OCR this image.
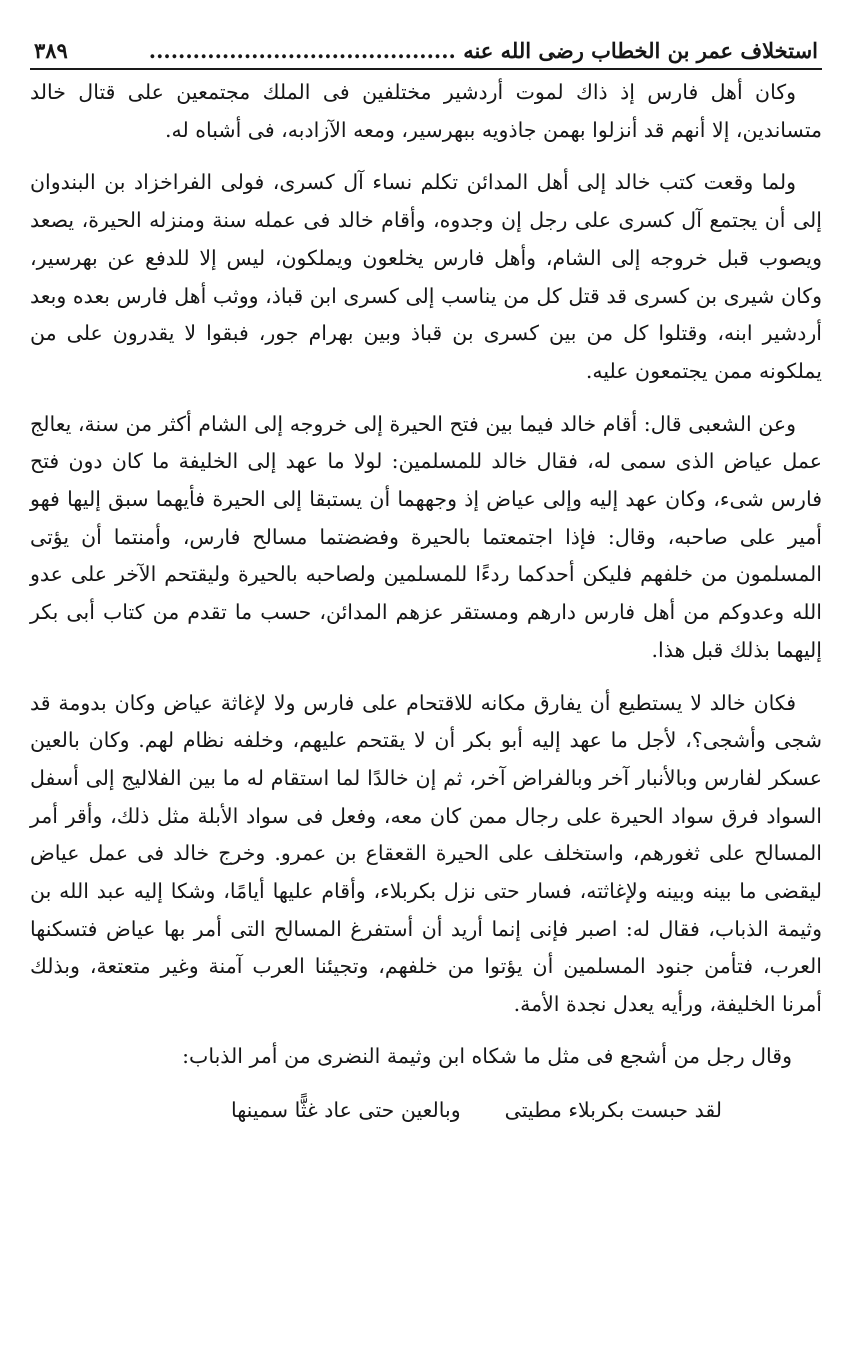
استخلاف عمر بن الخطاب رضى الله عنه ..........................................
٣٨٩

وكان أهل فارس إذ ذاك لموت أردشير مختلفين فى الملك مجتمعين على قتال خالد متساندين، إلا أنهم قد أنزلوا بهمن جاذويه ببهرسير، ومعه الآزادبه، فى أشباه له.

ولما وقعت كتب خالد إلى أهل المدائن تكلم نساء آل كسرى، فولى الفراخزاد بن البندوان إلى أن يجتمع آل كسرى على رجل إن وجدوه، وأقام خالد فى عمله سنة ومنزله الحيرة، يصعد ويصوب قبل خروجه إلى الشام، وأهل فارس يخلعون ويملكون، ليس إلا للدفع عن بهرسير، وكان شيرى بن كسرى قد قتل كل من يناسب إلى كسرى ابن قباذ، ووثب أهل فارس بعده وبعد أردشير ابنه، وقتلوا كل من بين كسرى بن قباذ وبين بهرام جور، فبقوا لا يقدرون على من يملكونه ممن يجتمعون عليه.

وعن الشعبى قال: أقام خالد فيما بين فتح الحيرة إلى خروجه إلى الشام أكثر من سنة، يعالج عمل عياض الذى سمى له، فقال خالد للمسلمين: لولا ما عهد إلى الخليفة ما كان دون فتح فارس شىء، وكان عهد إليه وإلى عياض إذ وجههما أن يستبقا إلى الحيرة فأيهما سبق إليها فهو أمير على صاحبه، وقال: فإذا اجتمعتما بالحيرة وفضضتما مسالح فارس، وأمنتما أن يؤتى المسلمون من خلفهم فليكن أحدكما ردءًا للمسلمين ولصاحبه بالحيرة وليقتحم الآخر على عدو الله وعدوكم من أهل فارس دارهم ومستقر عزهم المدائن، حسب ما تقدم من كتاب أبى بكر إليهما بذلك قبل هذا.

فكان خالد لا يستطيع أن يفارق مكانه للاقتحام على فارس ولا لإغاثة عياض وكان بدومة قد شجى وأشجى؟، لأجل ما عهد إليه أبو بكر أن لا يقتحم عليهم، وخلفه نظام لهم. وكان بالعين عسكر لفارس وبالأنبار آخر وبالفراض آخر، ثم إن خالدًا لما استقام له ما بين الفلاليج إلى أسفل السواد فرق سواد الحيرة على رجال ممن كان معه، وفعل فى سواد الأبلة مثل ذلك، وأقر أمر المسالح على ثغورهم، واستخلف على الحيرة القعقاع بن عمرو. وخرج خالد فى عمل عياض ليقضى ما بينه وبينه ولإغاثته، فسار حتى نزل بكربلاء، وأقام عليها أيامًا، وشكا إليه عبد الله بن وثيمة الذباب، فقال له: اصبر فإنى إنما أريد أن أستفرغ المسالح التى أمر بها عياض فتسكنها العرب، فتأمن جنود المسلمين أن يؤتوا من خلفهم، وتجيئنا العرب آمنة وغير متعتعة، وبذلك أمرنا الخليفة، ورأيه يعدل نجدة الأمة.

وقال رجل من أشجع فى مثل ما شكاه ابن وثيمة النضرى من أمر الذباب:

لقد حبست بكربلاء مطيتى
وبالعين حتى عاد غثًّا سمينها
